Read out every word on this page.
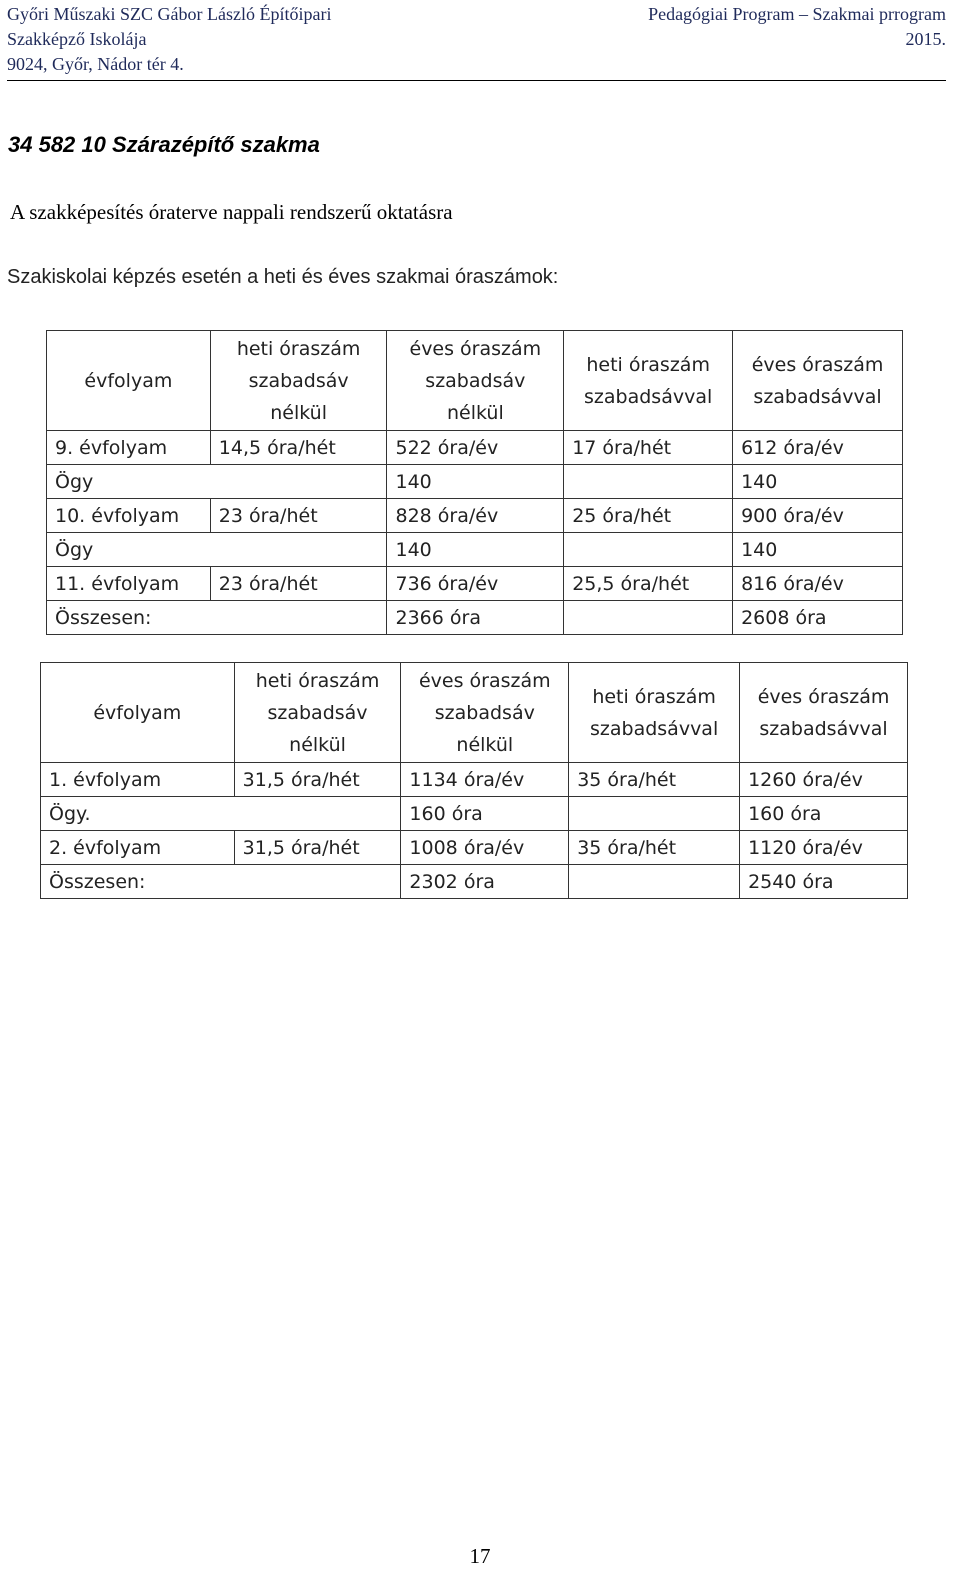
Győri Műszaki SZC Gábor László Építőipari
Szakképző Iskolája
9024, Győr, Nádor tér 4.
Pedagógiai Program – Szakmai prrogram
2015.
34 582 10 Szárazépítő szakma
A szakképesítés óraterve nappali rendszerű oktatásra
Szakiskolai képzés esetén a heti és éves szakmai óraszámok:
évfolyam	heti óraszám szabadsáv nélkül	éves óraszám szabadsáv nélkül	heti óraszám szabadsávval	éves óraszám szabadsávval
9. évfolyam	14,5 óra/hét	522 óra/év	17 óra/hét	612 óra/év
Ögy		140		140
10. évfolyam	23 óra/hét	828 óra/év	25 óra/hét	900 óra/év
Ögy		140		140
11. évfolyam	23 óra/hét	736 óra/év	25,5 óra/hét	816 óra/év
Összesen:		2366 óra		2608 óra
évfolyam	heti óraszám szabadsáv nélkül	éves óraszám szabadsáv nélkül	heti óraszám szabadsávval	éves óraszám szabadsávval
1. évfolyam	31,5 óra/hét	1134 óra/év	35 óra/hét	1260 óra/év
Ögy.		160 óra		160 óra
2. évfolyam	31,5 óra/hét	1008 óra/év	35 óra/hét	1120 óra/év
Összesen:		2302 óra		2540 óra
17
